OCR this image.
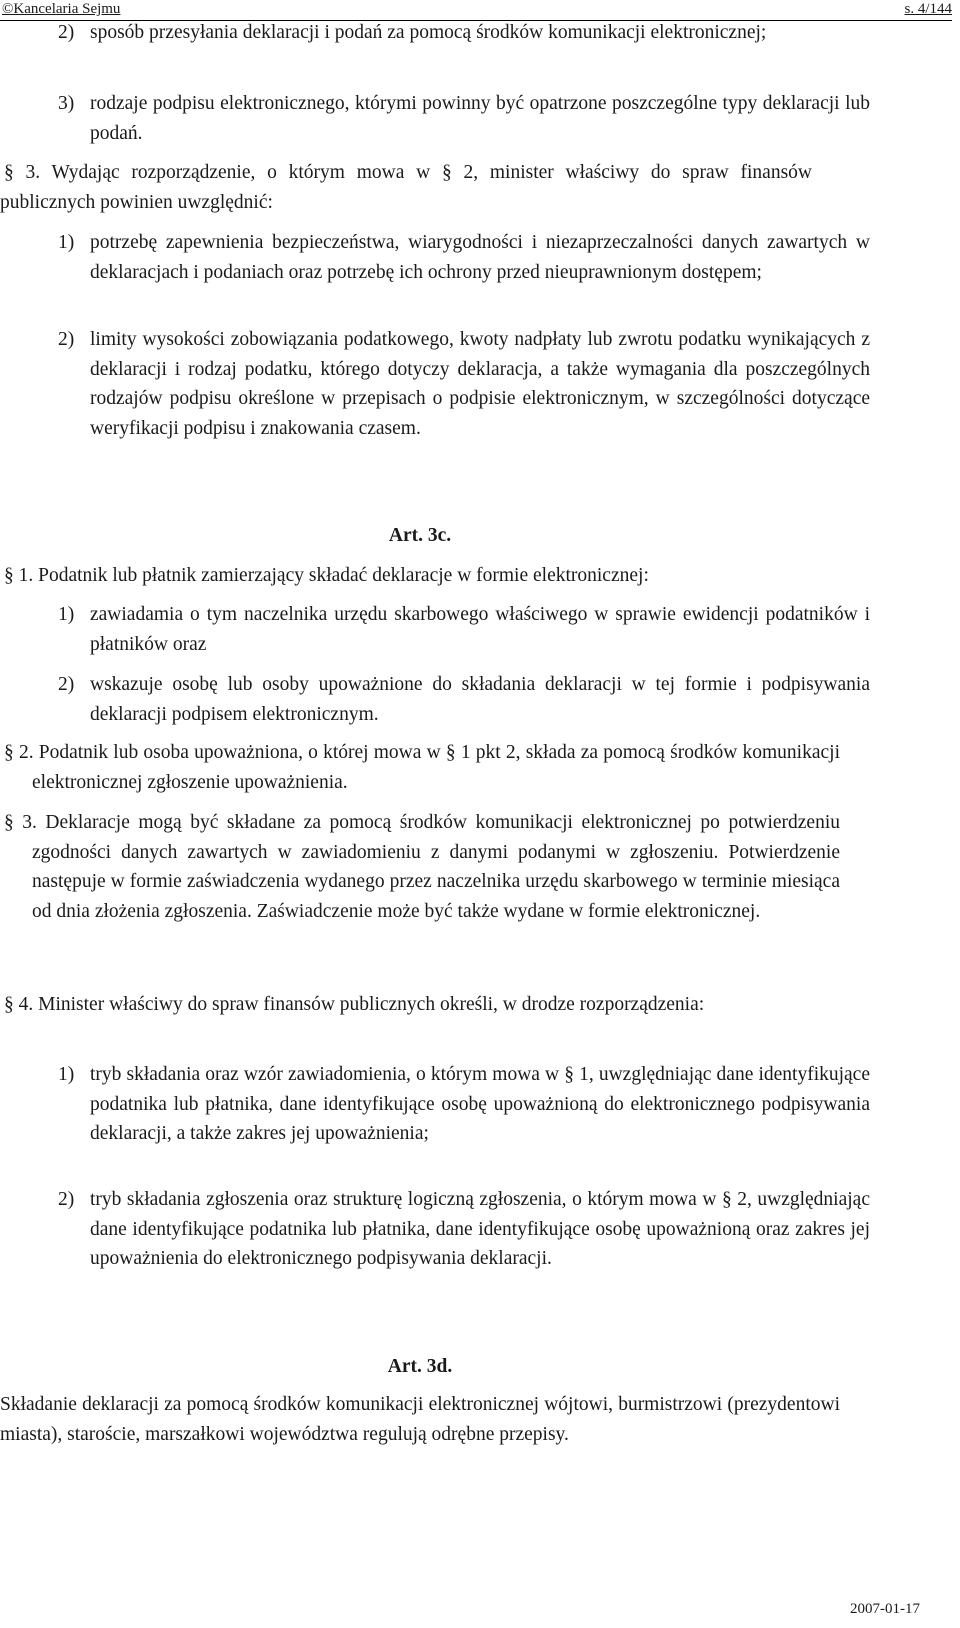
©Kancelaria Sejmu	s. 4/144
2) sposób przesyłania deklaracji i podań za pomocą środków komunikacji elektronicznej;
3) rodzaje podpisu elektronicznego, którymi powinny być opatrzone poszczególne typy deklaracji lub podań.

§ 3. Wydając rozporządzenie, o którym mowa w § 2, minister właściwy do spraw finansów publicznych powinien uwzględnić:

1) potrzebę zapewnienia bezpieczeństwa, wiarygodności i niezaprzeczalności danych zawartych w deklaracjach i podaniach oraz potrzebę ich ochrony przed nieuprawnionym dostępem;
2) limity wysokości zobowiązania podatkowego, kwoty nadpłaty lub zwrotu podatku wynikających z deklaracji i rodzaj podatku, którego dotyczy deklaracja, a także wymagania dla poszczególnych rodzajów podpisu określone w przepisach o podpisie elektronicznym, w szczególności dotyczące weryfikacji podpisu i znakowania czasem.

Art. 3c.

§ 1. Podatnik lub płatnik zamierzający składać deklaracje w formie elektronicznej:

1) zawiadamia o tym naczelnika urzędu skarbowego właściwego w sprawie ewidencji podatników i płatników oraz
2) wskazuje osobę lub osoby upoważnione do składania deklaracji w tej formie i podpisywania deklaracji podpisem elektronicznym.
§ 2. Podatnik lub osoba upoważniona, o której mowa w § 1 pkt 2, składa za pomocą środków komunikacji elektronicznej zgłoszenie upoważnienia.
§ 3. Deklaracje mogą być składane za pomocą środków komunikacji elektronicznej po potwierdzeniu zgodności danych zawartych w zawiadomieniu z danymi podanymi w zgłoszeniu. Potwierdzenie następuje w formie zaświadczenia wydanego przez naczelnika urzędu skarbowego w terminie miesiąca od dnia złożenia zgłoszenia. Zaświadczenie może być także wydane w formie elektronicznej.
§ 4. Minister właściwy do spraw finansów publicznych określi, w drodze rozporządzenia:
1) tryb składania oraz wzór zawiadomienia, o którym mowa w § 1, uwzględniając dane identyfikujące podatnika lub płatnika, dane identyfikujące osobę upoważnioną do elektronicznego podpisywania deklaracji, a także zakres jej upoważnienia;
2) tryb składania zgłoszenia oraz strukturę logiczną zgłoszenia, o którym mowa w § 2, uwzględniając dane identyfikujące podatnika lub płatnika, dane identyfikujące osobę upoważnioną oraz zakres jej upoważnienia do elektronicznego podpisywania deklaracji.

Art. 3d.

Składanie deklaracji za pomocą środków komunikacji elektronicznej wójtowi, burmistrzowi (prezydentowi miasta), staroście, marszałkowi województwa regulują odrębne przepisy.

2007-01-17
